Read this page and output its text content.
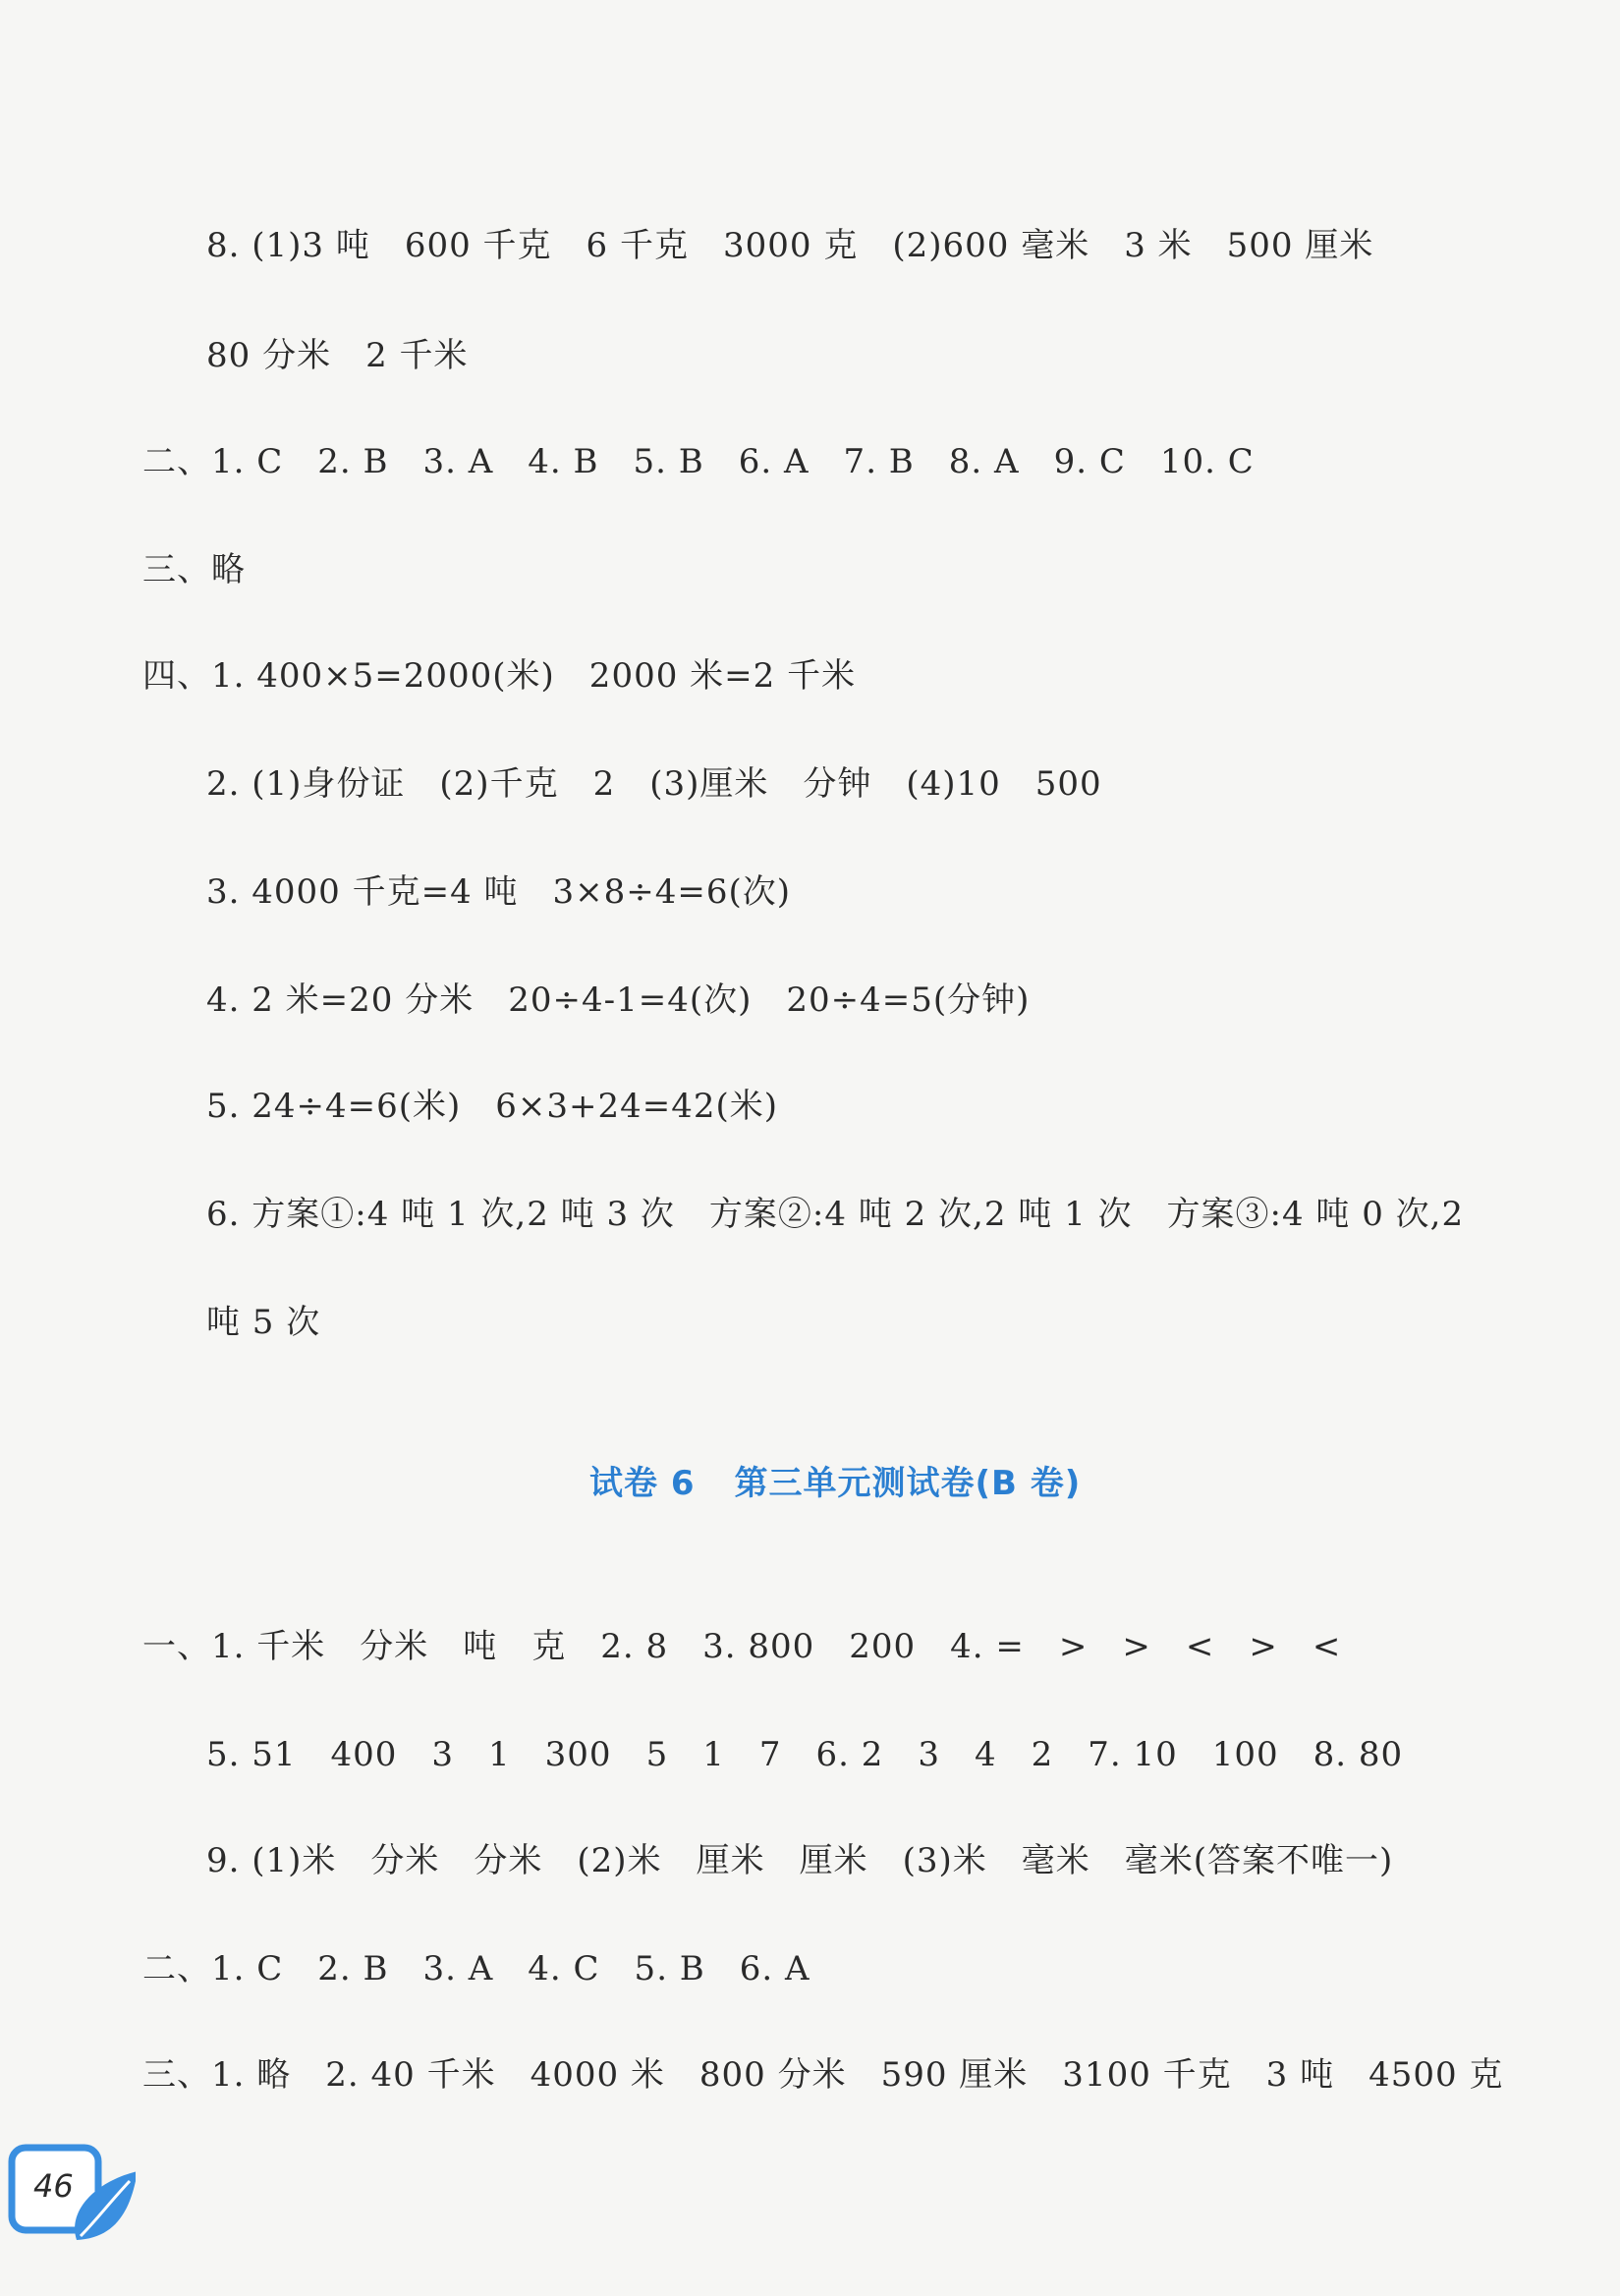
8. (1)3 吨　600 千克　6 千克　3000 克　(2)600 毫米　3 米　500 厘米
80 分米　2 千米
二、1. C　2. B　3. A　4. B　5. B　6. A　7. B　8. A　9. C　10. C
三、略
四、1. 400×5=2000(米)　2000 米=2 千米
2. (1)身份证　(2)千克　2　(3)厘米　分钟　(4)10　500
3. 4000 千克=4 吨　3×8÷4=6(次)
4. 2 米=20 分米　20÷4-1=4(次)　20÷4=5(分钟)
5. 24÷4=6(米)　6×3+24=42(米)
6. 方案①:4 吨 1 次,2 吨 3 次　方案②:4 吨 2 次,2 吨 1 次　方案③:4 吨 0 次,2
吨 5 次
试卷 6 第三单元测试卷(B 卷)
一、1. 千米　分米　吨　克　2. 8　3. 800　200　4. =　>　>　<　>　<
5. 51　400　3　1　300　5　1　7　6. 2　3　4　2　7. 10　100　8. 80
9. (1)米　分米　分米　(2)米　厘米　厘米　(3)米　毫米　毫米(答案不唯一)
二、1. C　2. B　3. A　4. C　5. B　6. A
三、1. 略　2. 40 千米　4000 米　800 分米　590 厘米　3100 千克　3 吨　4500 克
46
